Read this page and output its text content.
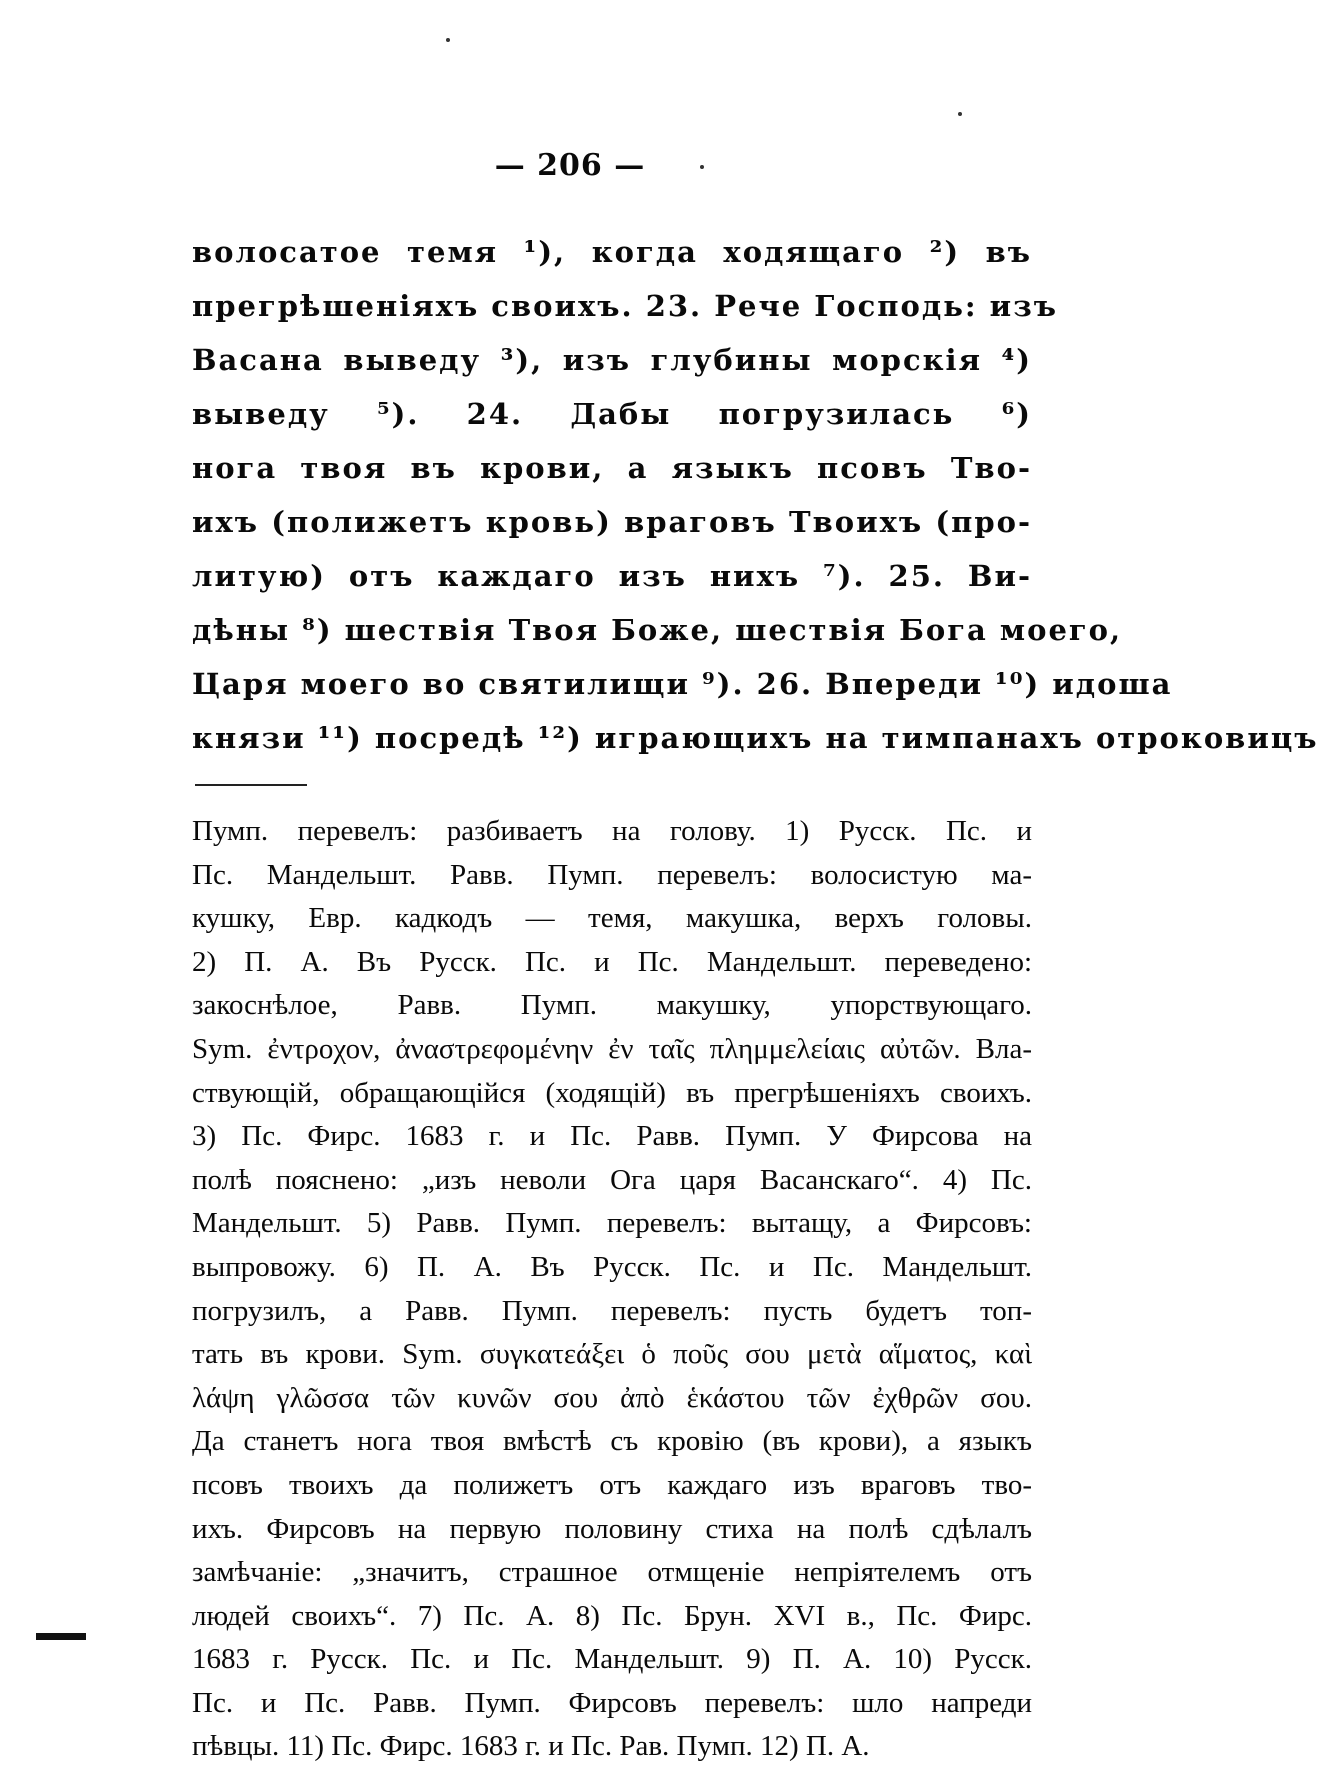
— 206 —
волосатое темя ¹), когда ходящаго ²) въ
прегрѣшеніяхъ своихъ. 23. Рече Господь: изъ
Васана выведу ³), изъ глубины морскія ⁴)
выведу ⁵). 24. Дабы погрузилась ⁶)
нога твоя въ крови, а языкъ псовъ Тво-
ихъ (полижетъ кровь) враговъ Твоихъ (про-
литую) отъ каждаго изъ нихъ ⁷). 25. Ви-
дѣны ⁸) шествія Твоя Боже, шествія Бога моего,
Царя моего во святилищи ⁹). 26. Впереди ¹⁰) идоша
князи ¹¹) посредѣ ¹²) играющихъ на тимпанахъ отроковицъ
Пумп. перевелъ: разбиваетъ на голову. 1) Русск. Пс. и
Пс. Мандельшт. Равв. Пумп. перевелъ: волосистую ма-
кушку, Евр. кадкодъ — темя, макушка, верхъ головы.
2) П. А. Въ Русск. Пс. и Пс. Мандельшт. переведено:
закоснѣлое, Равв. Пумп. макушку, упорствующаго.
Sym. ἐντροχον, ἀναστρεφομένην ἐν ταῖς πλημμελείαις αὐτῶν. Вла-
ствующій, обращающійся (ходящій) въ прегрѣшеніяхъ своихъ.
3) Пс. Фирс. 1683 г. и Пс. Равв. Пумп. У Фирсова на
полѣ пояснено: „изъ неволи Ога царя Васанскаго“. 4) Пс.
Мандельшт. 5) Равв. Пумп. перевелъ: вытащу, а Фирсовъ:
выпровожу. 6) П. А. Въ Русск. Пс. и Пс. Мандельшт.
погрузилъ, а Равв. Пумп. перевелъ: пусть будетъ топ-
тать въ крови. Sym. συγκατεάξει ὁ ποῦς σου μετὰ αἵματος, καὶ
λάψη γλῶσσα τῶν κυνῶν σου ἀπὸ ἑκάστου τῶν ἐχθρῶν σου.
Да станетъ нога твоя вмѣстѣ съ кровію (въ крови), а языкъ
псовъ твоихъ да полижетъ отъ каждаго изъ враговъ тво-
ихъ. Фирсовъ на первую половину стиха на полѣ сдѣлалъ
замѣчаніе: „значитъ, страшное отмщеніе непріятелемъ отъ
людей своихъ“. 7) Пс. А. 8) Пс. Брун. XVI в., Пс. Фирс.
1683 г. Русск. Пс. и Пс. Мандельшт. 9) П. А. 10) Русск.
Пс. и Пс. Равв. Пумп. Фирсовъ перевелъ: шло напреди
пѣвцы. 11) Пс. Фирс. 1683 г. и Пс. Рав. Пумп. 12) П. А.
